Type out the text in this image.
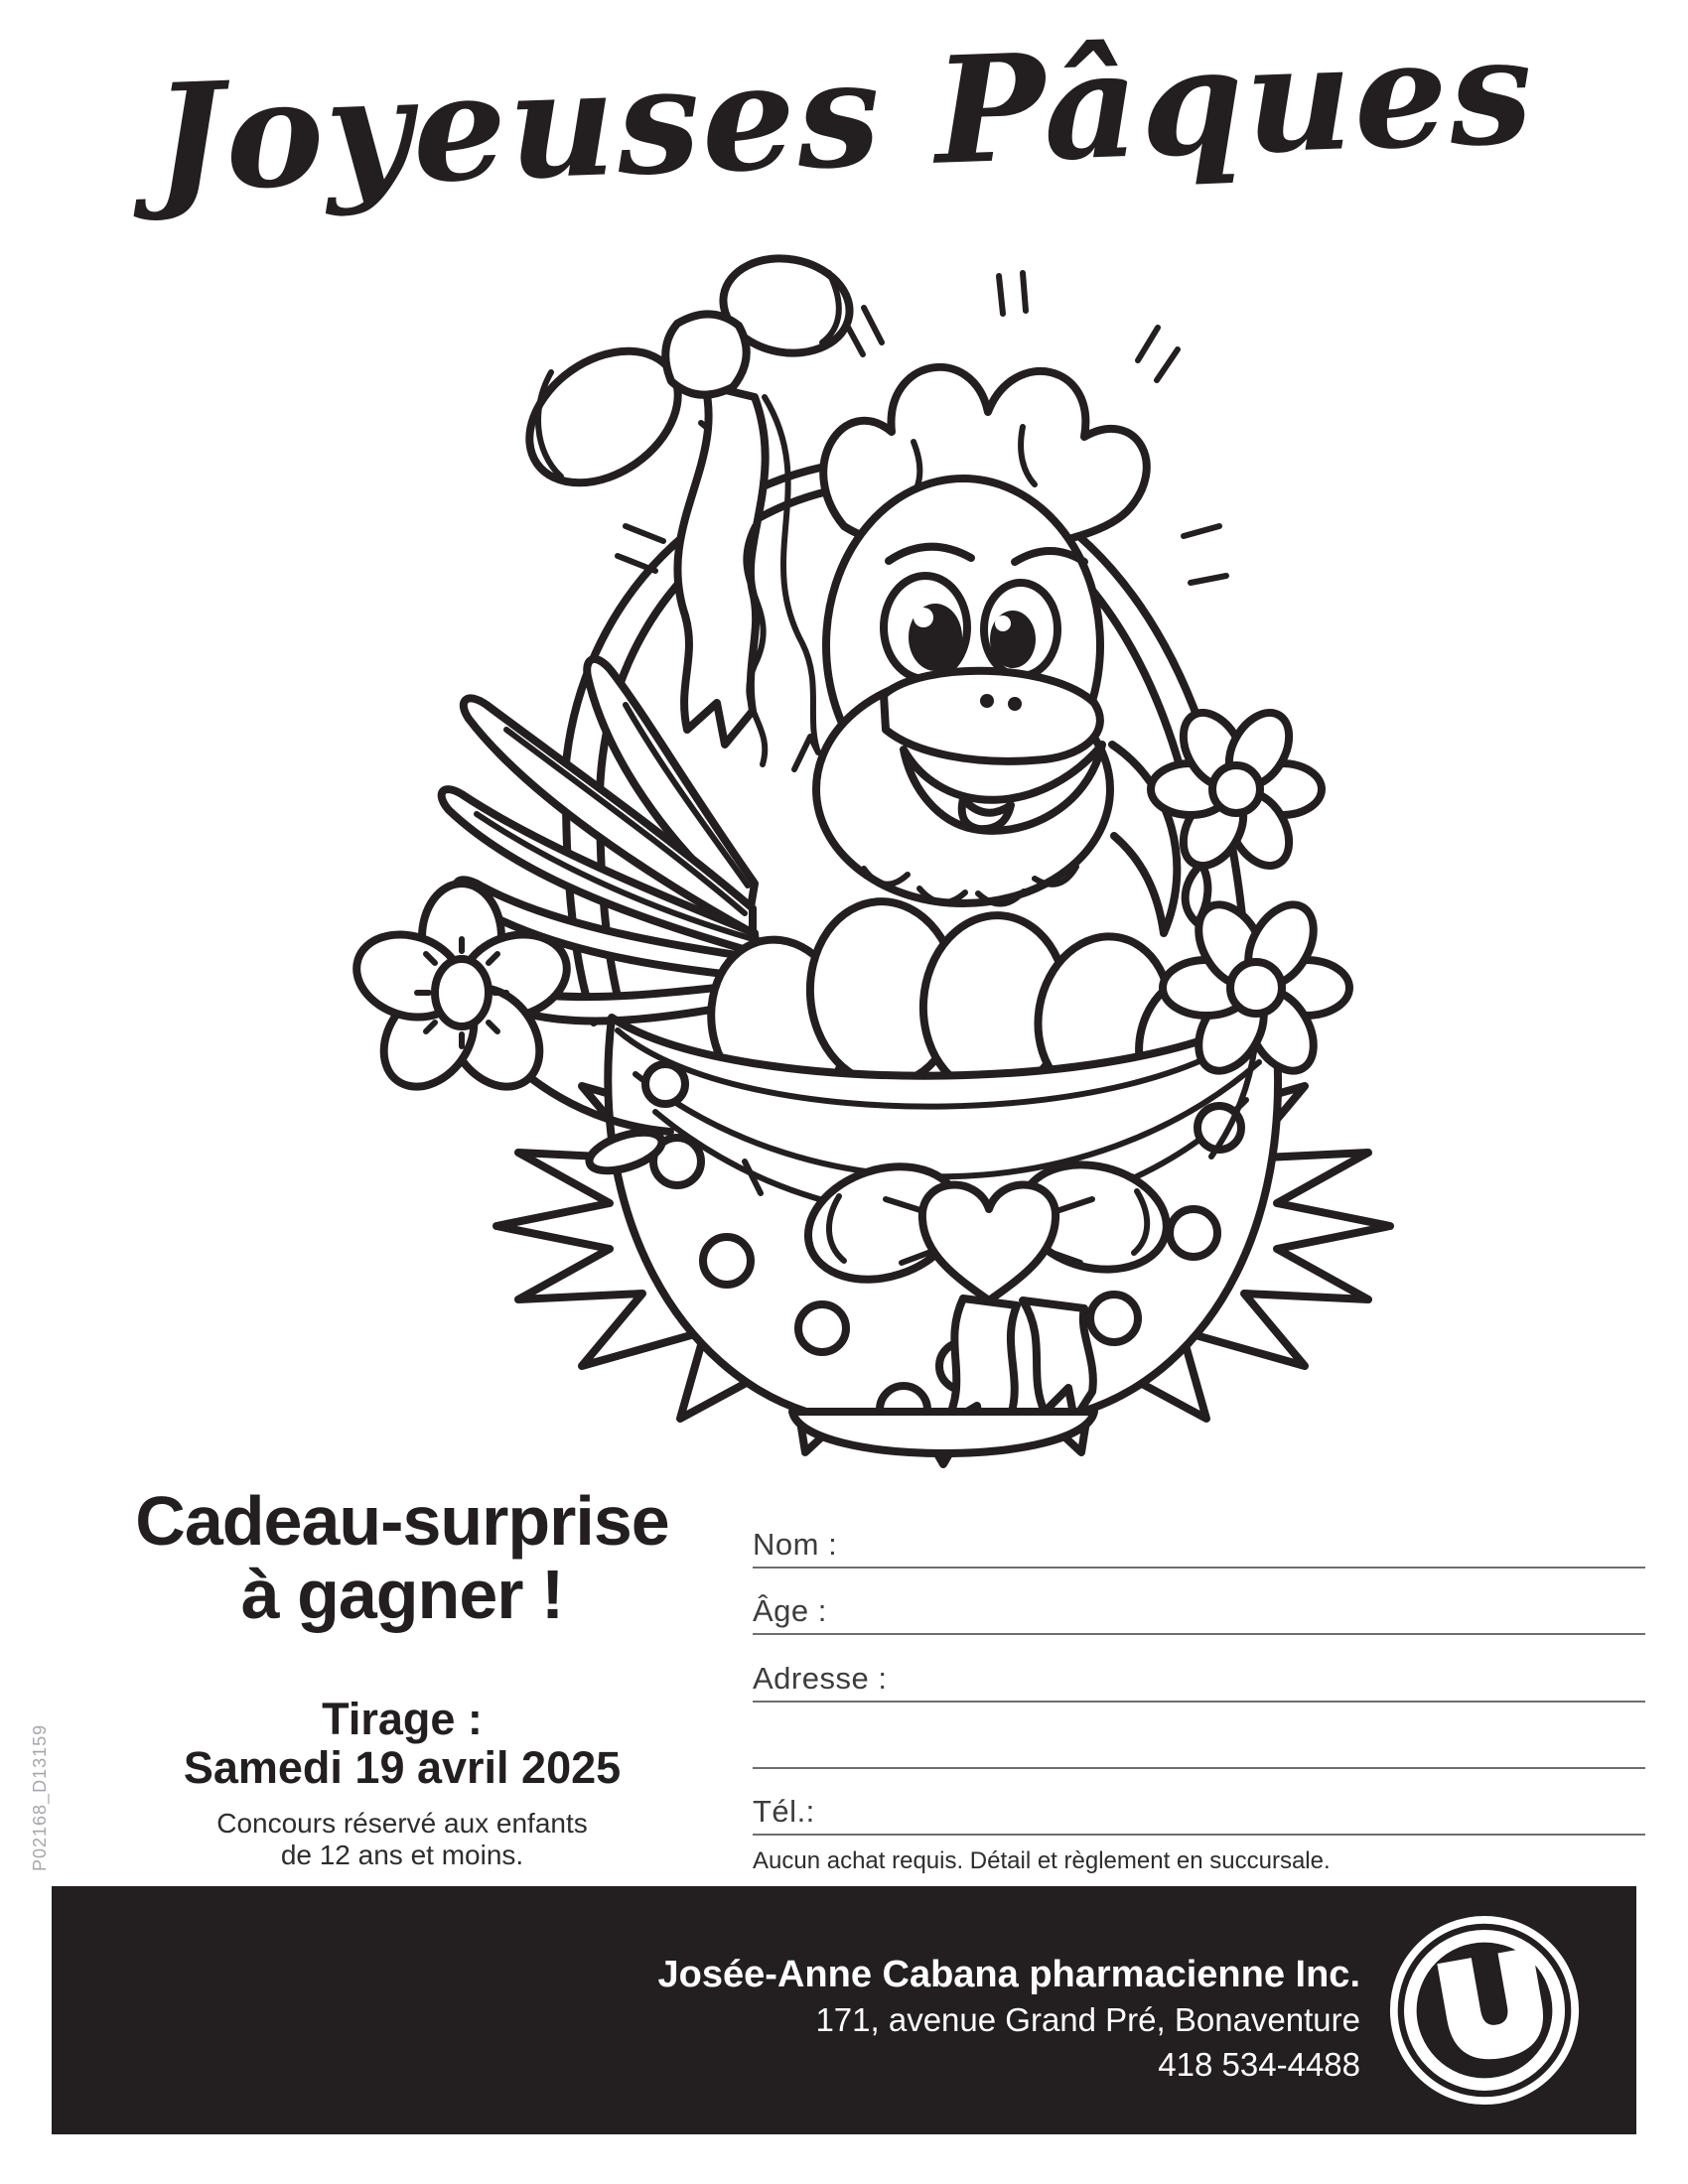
Joyeuses Pâques
Cadeau-surprise
à gagner !
Tirage :
Samedi 19 avril 2025
Concours réservé aux enfants
de 12 ans et moins.
Nom :
Âge :
Adresse :
Tél.:
Aucun achat requis. Détail et règlement en succursale.
P02168_D13159
Josée-Anne Cabana pharmacienne Inc.
171, avenue Grand Pré, Bonaventure
418 534-4488
